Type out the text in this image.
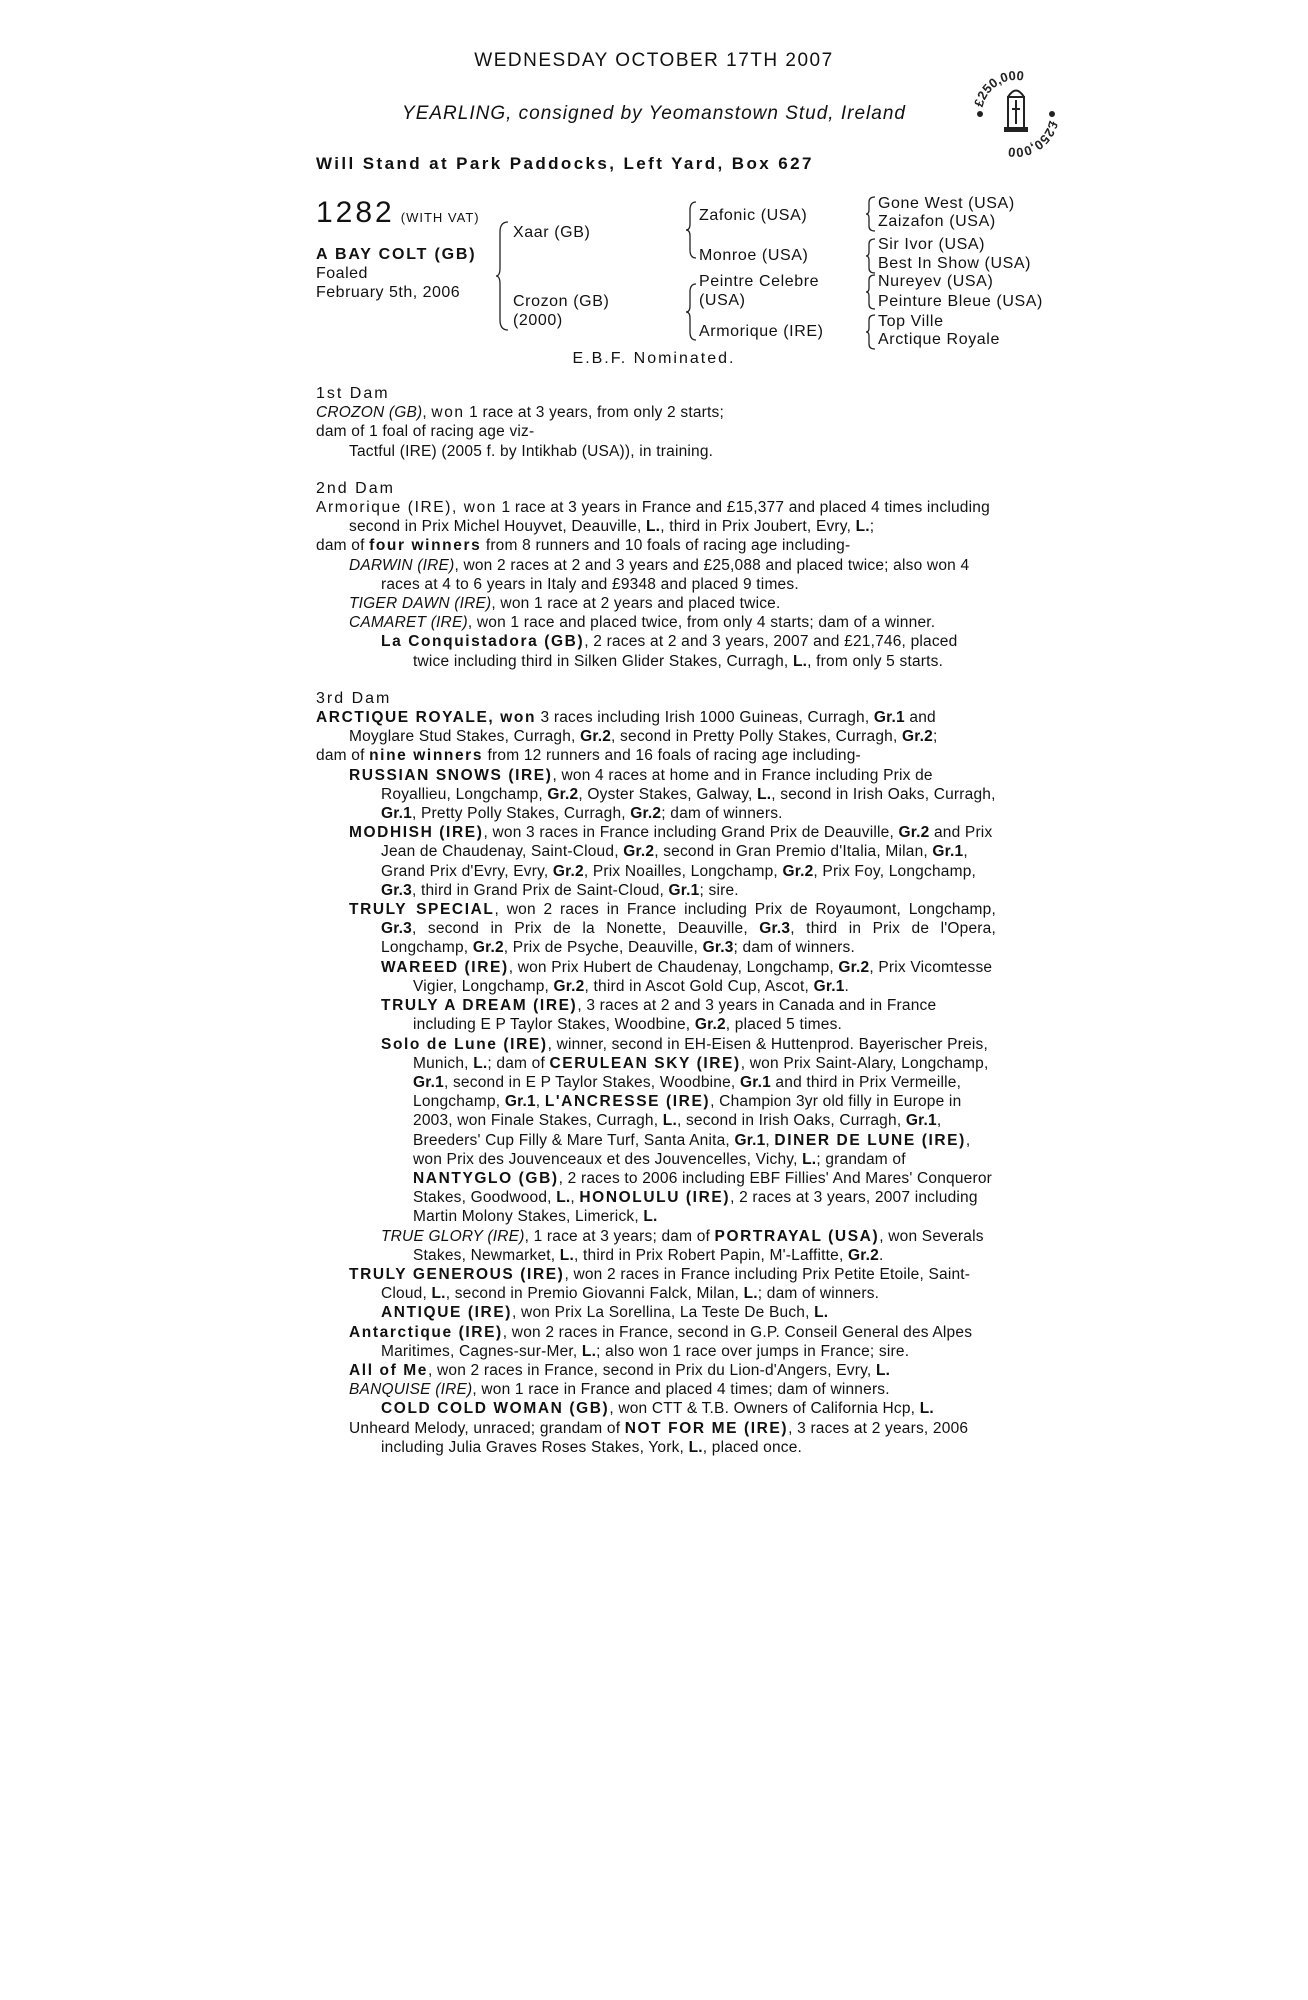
WEDNESDAY OCTOBER 17TH 2007
YEARLING, consigned by Yeomanstown Stud, Ireland
£250,000
£250,000
Will Stand at Park Paddocks, Left Yard, Box 627
1282 (WITH VAT)
A BAY COLT (GB)
Foaled
February 5th, 2006
Xaar (GB)
Crozon (GB)
(2000)
Zafonic (USA)
Monroe (USA)
Peintre Celebre
(USA)
Armorique (IRE)
Gone West (USA)
Zaizafon (USA)
Sir Ivor (USA)
Best In Show (USA)
Nureyev (USA)
Peinture Bleue (USA)
Top Ville
Arctique Royale
E.B.F. Nominated.
1st Dam
CROZON (GB), won 1 race at 3 years, from only 2 starts;
dam of 1 foal of racing age viz-
Tactful (IRE) (2005 f. by Intikhab (USA)), in training.
2nd Dam
Armorique (IRE), won 1 race at 3 years in France and £15,377 and placed 4 times including second in Prix Michel Houyvet, Deauville, L., third in Prix Joubert, Evry, L.;
dam of four winners from 8 runners and 10 foals of racing age including-
DARWIN (IRE), won 2 races at 2 and 3 years and £25,088 and placed twice; also won 4 races at 4 to 6 years in Italy and £9348 and placed 9 times.
TIGER DAWN (IRE), won 1 race at 2 years and placed twice.
CAMARET (IRE), won 1 race and placed twice, from only 4 starts; dam of a winner.
La Conquistadora (GB), 2 races at 2 and 3 years, 2007 and £21,746, placed twice including third in Silken Glider Stakes, Curragh, L., from only 5 starts.
3rd Dam
ARCTIQUE ROYALE, won 3 races including Irish 1000 Guineas, Curragh, Gr.1 and Moyglare Stud Stakes, Curragh, Gr.2, second in Pretty Polly Stakes, Curragh, Gr.2;
dam of nine winners from 12 runners and 16 foals of racing age including-
RUSSIAN SNOWS (IRE), won 4 races at home and in France including Prix de Royallieu, Longchamp, Gr.2, Oyster Stakes, Galway, L., second in Irish Oaks, Curragh, Gr.1, Pretty Polly Stakes, Curragh, Gr.2; dam of winners.
MODHISH (IRE), won 3 races in France including Grand Prix de Deauville, Gr.2 and Prix Jean de Chaudenay, Saint-Cloud, Gr.2, second in Gran Premio d'Italia, Milan, Gr.1, Grand Prix d'Evry, Evry, Gr.2, Prix Noailles, Longchamp, Gr.2, Prix Foy, Longchamp, Gr.3, third in Grand Prix de Saint-Cloud, Gr.1; sire.
TRULY SPECIAL, won 2 races in France including Prix de Royaumont, Longchamp, Gr.3, second in Prix de la Nonette, Deauville, Gr.3, third in Prix de l'Opera, Longchamp, Gr.2, Prix de Psyche, Deauville, Gr.3; dam of winners.
WAREED (IRE), won Prix Hubert de Chaudenay, Longchamp, Gr.2, Prix Vicomtesse Vigier, Longchamp, Gr.2, third in Ascot Gold Cup, Ascot, Gr.1.
TRULY A DREAM (IRE), 3 races at 2 and 3 years in Canada and in France including E P Taylor Stakes, Woodbine, Gr.2, placed 5 times.
Solo de Lune (IRE), winner, second in EH-Eisen & Huttenprod. Bayerischer Preis, Munich, L.; dam of CERULEAN SKY (IRE), won Prix Saint-Alary, Longchamp, Gr.1, second in E P Taylor Stakes, Woodbine, Gr.1 and third in Prix Vermeille, Longchamp, Gr.1, L'ANCRESSE (IRE), Champion 3yr old filly in Europe in 2003, won Finale Stakes, Curragh, L., second in Irish Oaks, Curragh, Gr.1, Breeders' Cup Filly & Mare Turf, Santa Anita, Gr.1, DINER DE LUNE (IRE), won Prix des Jouvenceaux et des Jouvencelles, Vichy, L.; grandam of NANTYGLO (GB), 2 races to 2006 including EBF Fillies' And Mares' Conqueror Stakes, Goodwood, L., HONOLULU (IRE), 2 races at 3 years, 2007 including Martin Molony Stakes, Limerick, L.
TRUE GLORY (IRE), 1 race at 3 years; dam of PORTRAYAL (USA), won Severals Stakes, Newmarket, L., third in Prix Robert Papin, M'-Laffitte, Gr.2.
TRULY GENEROUS (IRE), won 2 races in France including Prix Petite Etoile, Saint-Cloud, L., second in Premio Giovanni Falck, Milan, L.; dam of winners.
ANTIQUE (IRE), won Prix La Sorellina, La Teste De Buch, L.
Antarctique (IRE), won 2 races in France, second in G.P. Conseil General des Alpes Maritimes, Cagnes-sur-Mer, L.; also won 1 race over jumps in France; sire.
All of Me, won 2 races in France, second in Prix du Lion-d'Angers, Evry, L.
BANQUISE (IRE), won 1 race in France and placed 4 times; dam of winners.
COLD COLD WOMAN (GB), won CTT & T.B. Owners of California Hcp, L.
Unheard Melody, unraced; grandam of NOT FOR ME (IRE), 3 races at 2 years, 2006 including Julia Graves Roses Stakes, York, L., placed once.
